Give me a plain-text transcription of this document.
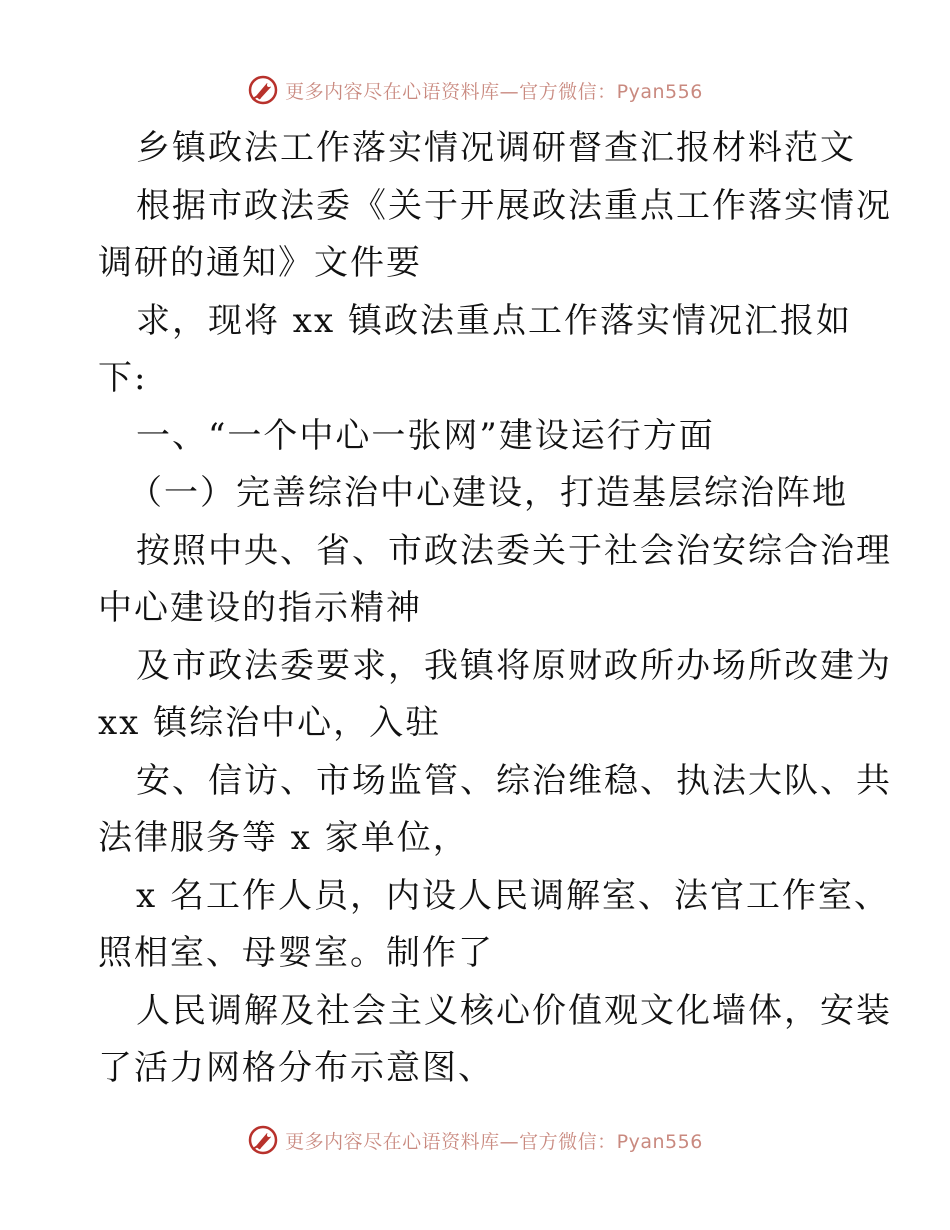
更多内容尽在心语资料库—官方微信：Pyan556
乡镇政法工作落实情况调研督查汇报材料范文
根据市政法委《关于开展政法重点工作落实情况
调研的通知》文件要
求，现将 xx 镇政法重点工作落实情况汇报如
下:
一、“一个中心一张网”建设运行方面
（一）完善综治中心建设，打造基层综治阵地
按照中央、省、市政法委关于社会治安综合治理
中心建设的指示精神
及市政法委要求，我镇将原财政所办场所改建为
xx 镇综治中心，入驻
安、信访、市场监管、综治维稳、执法大队、共
法律服务等 x 家单位，
x 名工作人员，内设人民调解室、法官工作室、
照相室、母婴室。制作了
人民调解及社会主义核心价值观文化墙体，安装
了活力网格分布示意图、
更多内容尽在心语资料库—官方微信：Pyan556
